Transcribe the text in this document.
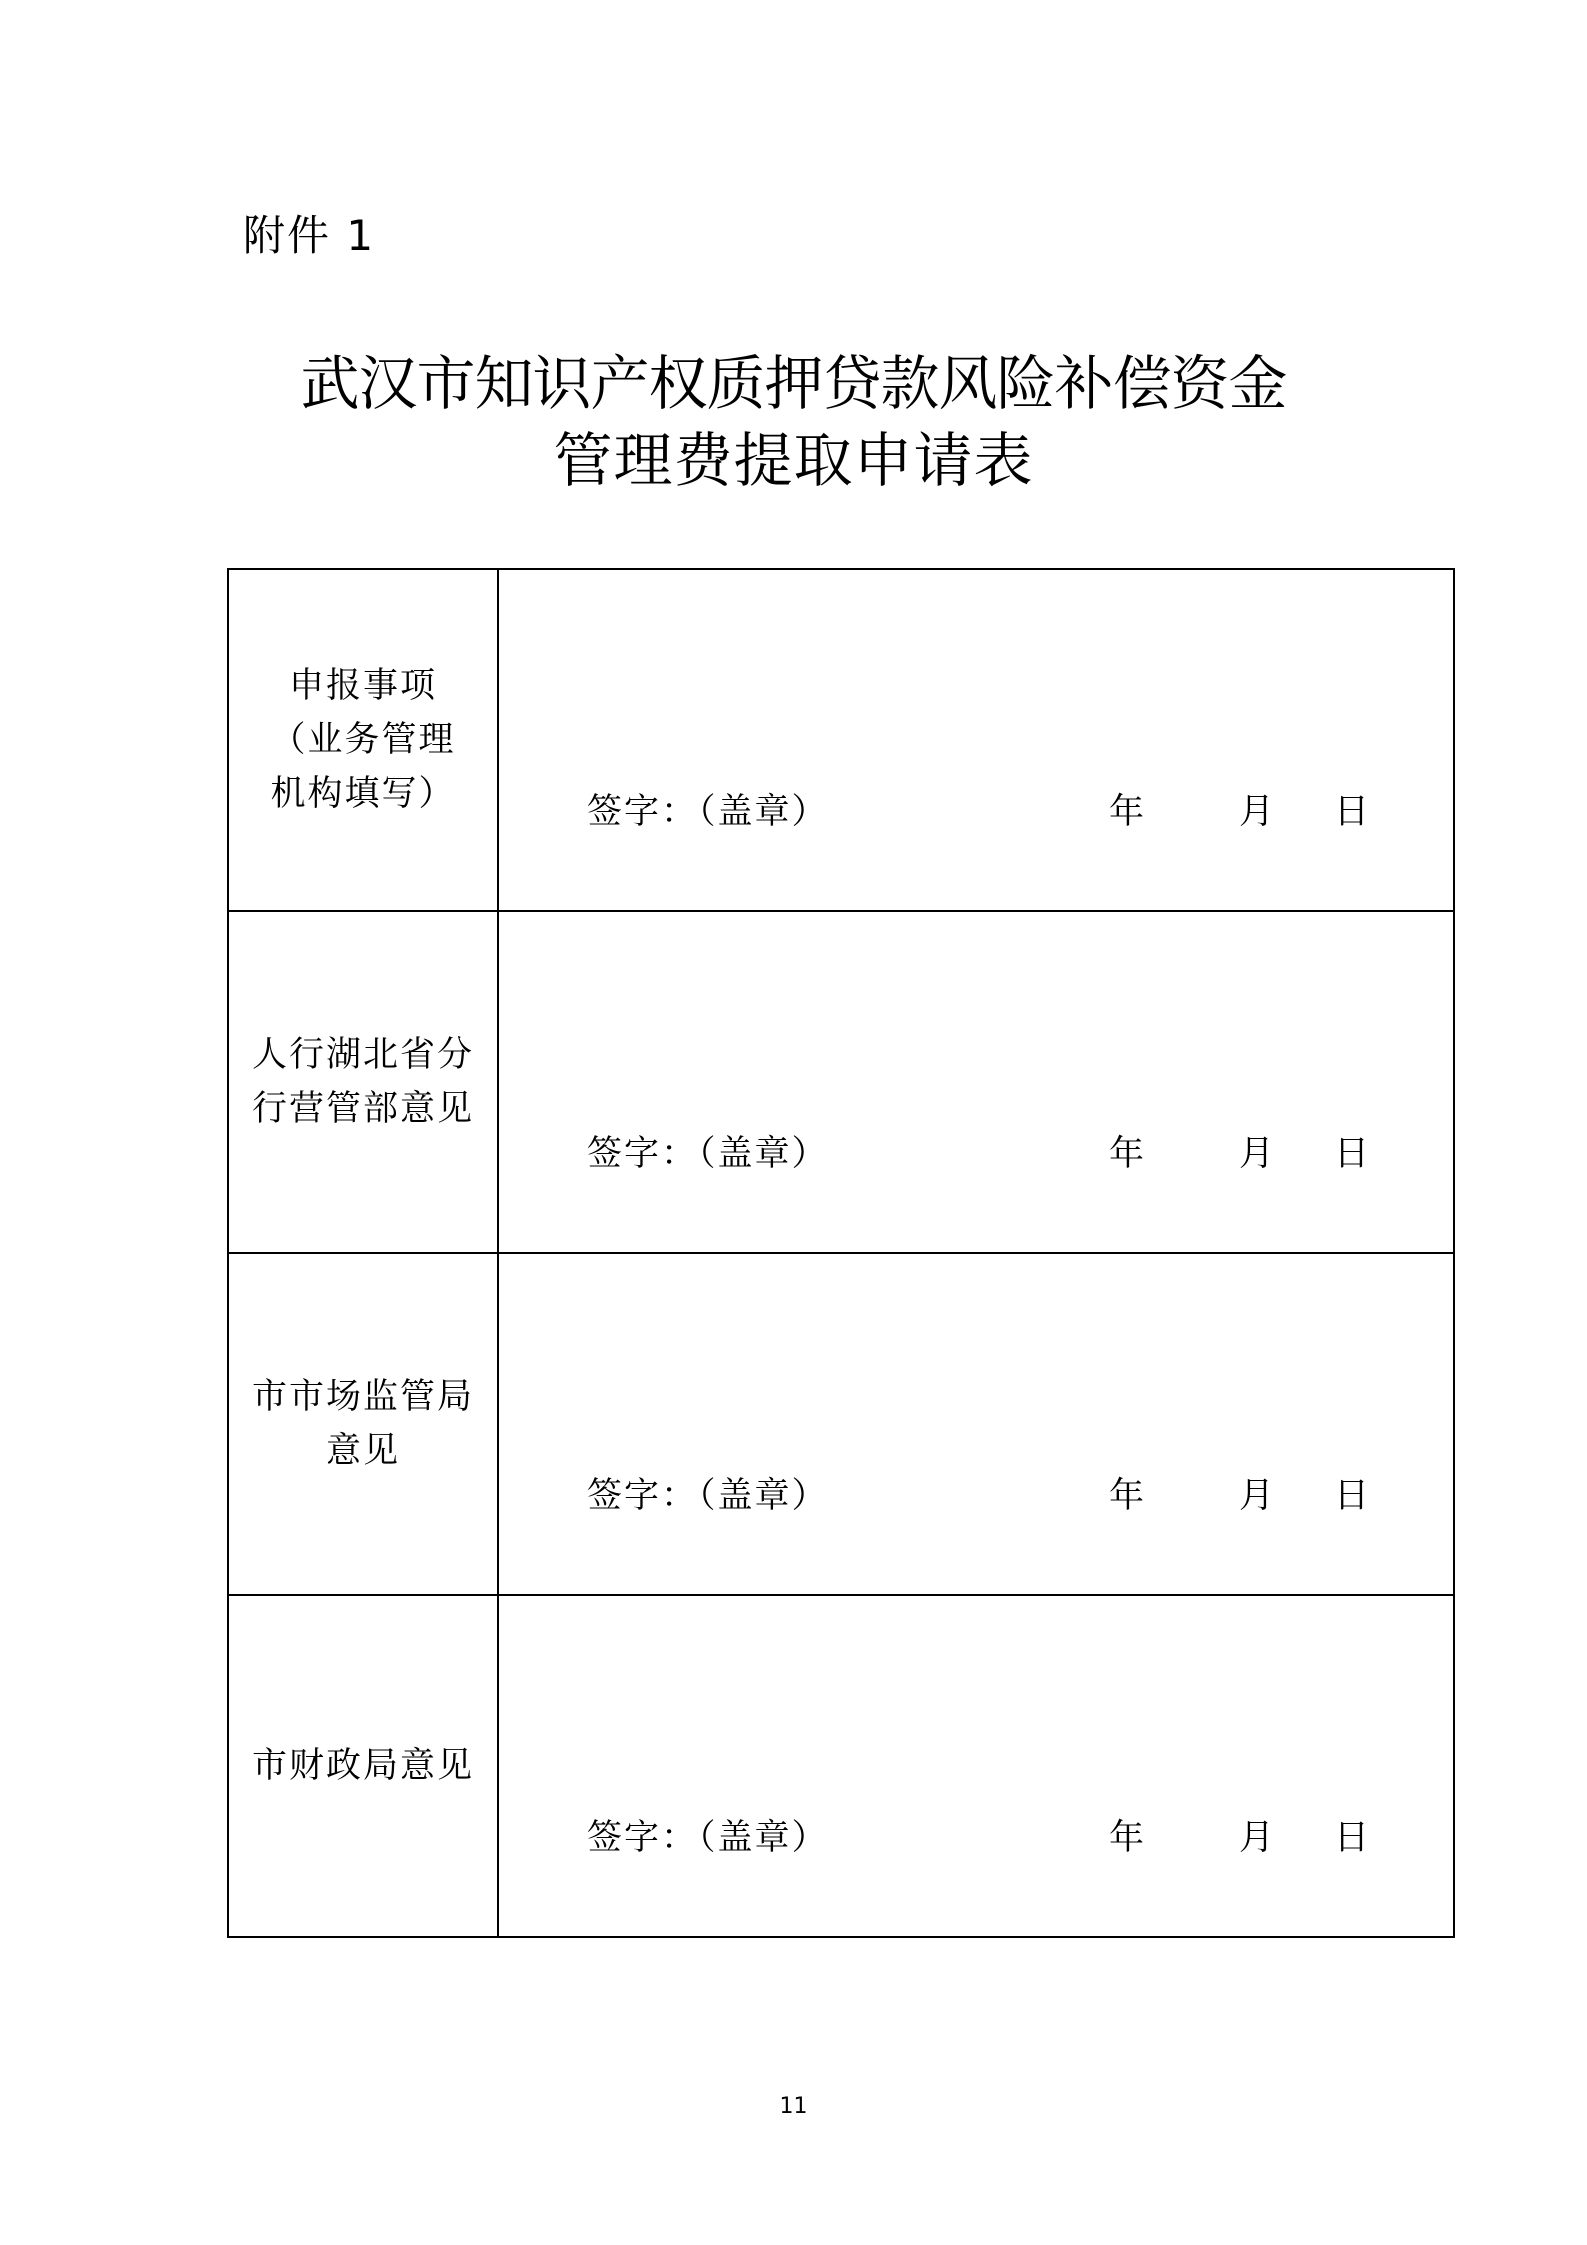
附件 1
武汉市知识产权质押贷款风险补偿资金
管理费提取申请表
申报事项
（业务管理
机构填写）	签字：（盖章） 年 月 日

人行湖北省分
行营管部意见	签字：（盖章） 年 月 日

市市场监管局
意见	签字：（盖章） 年 月 日

市财政局意见	签字：（盖章） 年 月 日
11
